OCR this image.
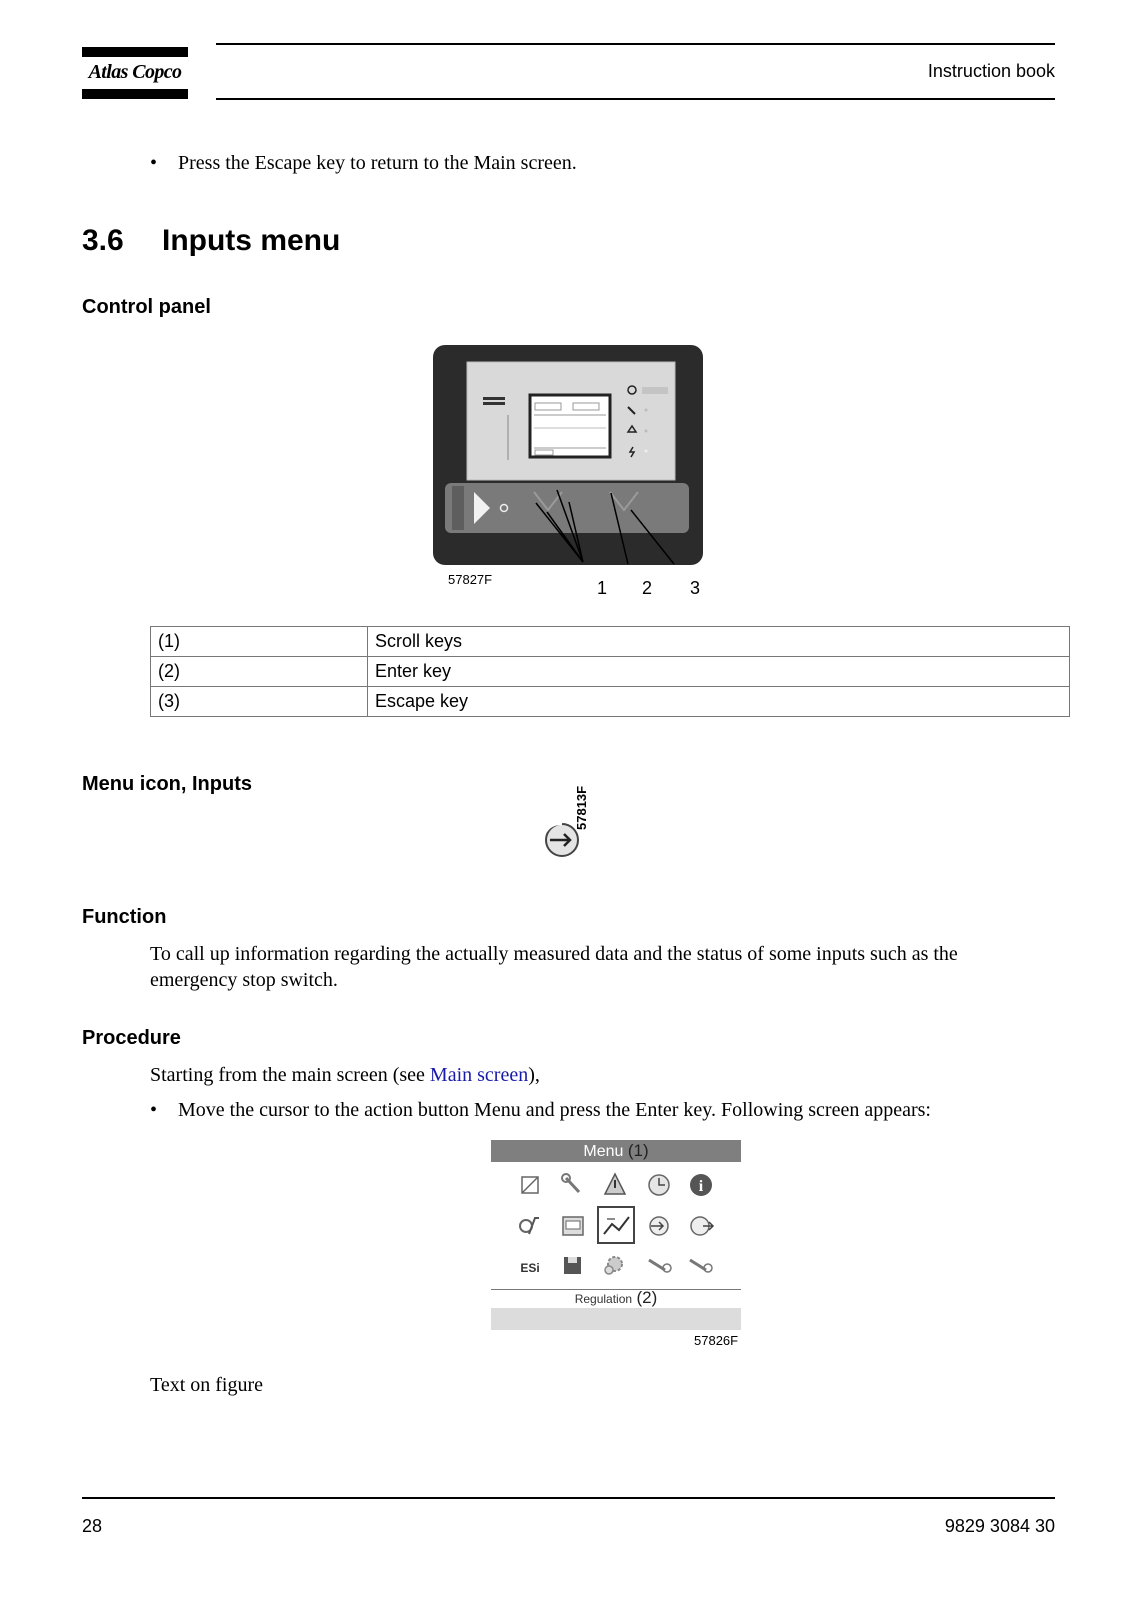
Atlas Copco	Instruction book
• Press the Escape key to return to the Main screen.
3.6 Inputs menu
Control panel
57827F	1 2 3
(1)	Scroll keys
(2)	Enter key
(3)	Escape key
Menu icon, Inputs
57813F
Function
To call up information regarding the actually measured data and the status of some inputs such as the emergency stop switch.
Procedure
Starting from the main screen (see Main screen),
• Move the cursor to the action button Menu and press the Enter key. Following screen appears:
Menu (1)
i
ESi
Regulation (2)
57826F
Text on figure
28	9829 3084 30
